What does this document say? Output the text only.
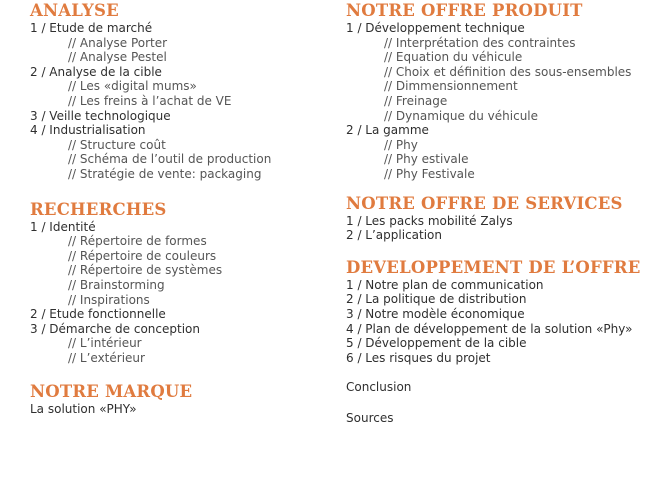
ANALYSE
1 / Etude de marché
// Analyse Porter
// Analyse Pestel
2 / Analyse de la cible
// Les «digital mums»
// Les freins à l’achat de VE
3 / Veille technologique
4 / Industrialisation
// Structure coût
// Schéma de l’outil de production
// Stratégie de vente: packaging
RECHERCHES
1 / Identité
// Répertoire de formes
// Répertoire de couleurs
// Répertoire de systèmes
// Brainstorming
// Inspirations
2 / Etude fonctionnelle
3 / Démarche de conception
// L’intérieur
// L’extérieur
NOTRE MARQUE
La solution «PHY»
NOTRE OFFRE PRODUIT
1 / Développement technique
// Interprétation des contraintes
// Equation du véhicule
// Choix et définition des sous-ensembles
// Dimmensionnement
// Freinage
// Dynamique du véhicule
2 / La gamme
// Phy
// Phy estivale
// Phy Festivale
NOTRE OFFRE DE SERVICES
1 / Les packs mobilité Zalys
2 / L’application
DEVELOPPEMENT DE L’OFFRE
1 / Notre plan de communication
2 / La politique de distribution
3 / Notre modèle économique
4 / Plan de développement de la solution «Phy»
5 / Développement de la cible
6 / Les risques du projet
Conclusion
Sources
